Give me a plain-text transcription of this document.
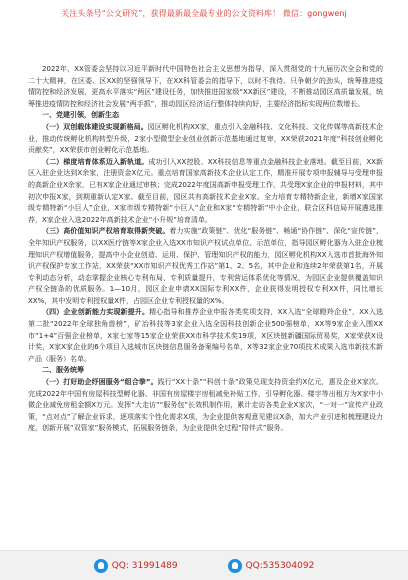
关注头条号“公文研究”，获得最新最全最专业的公文资料库！ 微信：gongwenj

2022年，XX管委会坚持以习近平新时代中国特色社会主义思想为指导，深入贯彻党的十九届历次全会和党的二十大精神，在区委、区XX的坚强领导下，在XX科管委会的指导下，以时不我待、只争朝夕的劲头，统筹推进疫情防控和经济发展，更高水平落实“两区”建设任务，加快推进国家级“XX新区”建设，不断推动园区高质量发展，统筹推进疫情防控和经济社会发展“两手抓”，推动园区经济运行整体持续向好，主要经济指标实现两位数增长。

一、党建引领，创新生态

（一）双创载体建设实现新格局。园区孵化机构XX家，重点引入金融科技、文化科技、文化传媒等高新技术企业，推动传统孵化机构转型升级，2家小型微型企业创业创新示范基地通过复审，XX荣获2021年度“科技创业孵化贡献奖”，XX荣获市创业孵化示范基地。

（二）梯度培育体系迈入新轨道。成功引入XX控股、XX科技信息等重点金融科技企业落地。截至目前，XX新区入驻企业达到X余家，注册资金X亿元。重点培育国家高新技术企业认定工作，精准开展专项申报辅导与受理申报的高新企业X余家，已有X家企业通过审核；完成2022年度国高新申报受理工作，共受理X家企业的申报材料，其中初次申报X家，到期重新认定X家。截至目前，园区共有高新技术企业X家。全力培育专精特新企业，新增X家国家级专精特新“小巨人”企业，X家市级专精特新“小巨人”企业和X家“专精特新”中小企业，联合区科信局开展遴选推荐，X家企业入选2022年高新技术企业“小升规”培育清单。

（三）高价值知识产权培育取得新突破。着力实施“政策链”、优化“服务链”、畅通“协作链”、深化“宣传链”，全年知识产权服务，以XX医疗链等X家企业入选XX市知识产权试点单位、示范单位，指导园区孵化器为入驻企业梳理知识产权增值服务，提高中小企业创造、运用、保护、管理知识产权的能力，园区孵化机构XX入选市首批海外知识产权保护专家工作站，XX荣获“XX市知识产权优秀工作站”第1、2、5名，其中企业和连续2年荣获第1名，开展专利动态分析，动态掌握企业核心专利布局，专利质量提升，专利营运体系优化等情况，为园区企业提供覆盖知识产权全链条的优质服务。1—10月，园区企业申请XX国际专利XX件，企业获得发明授权专利XX件，同比增长XX%，其中发明专利授权量X件，占园区企业专利授权量的X%。

（四）企业创新能力实现新提升。精心指导和推荐企业申报各类奖项支持，XX入选“全球瞪羚企业”，XX入选第二批“2022年全球独角兽榜”，矿冶科技等3家企业入选全国科技创新企业500强榜单，XX等9家企业入围XX市“1+4”百强企业榜单，X家七家等15家企业荣获XX市科学技术奖19项，X区块链新疆国际贸易奖，X家荣获X设计奖，X家X家企业的6个项目入选城市区块链信息服务备案编号名单，X等32家企业70项技术成果入选市新技术新产品（服务）名单。

二、服务统筹

（一）打好助企纾困服务“组合拳”。践行“XX十条”“科创十条”政策兑现支持资金约X亿元，惠及企业X家次。完成2022年中国有房屋科技型孵化器、非国有房屋楼宇房租减免补贴工作，引导孵化器、楼宇等出租方为X家中小微企业减免房租金额X万元。发挥“大走访”“服务包”长效机制作用，累计走访各类企业X家次，“一对一”宣传产业政策，“点对点”了解企业诉求，逐项落实个性化需求X项，为企业提供客观意见建议X条，加大产业引进和梳理建设力度，创新开展“双管家”服务模式，拓展服务链条，为企业提供全过程“陪伴式”服务。

QQ: 31991489	QQ:535304092
